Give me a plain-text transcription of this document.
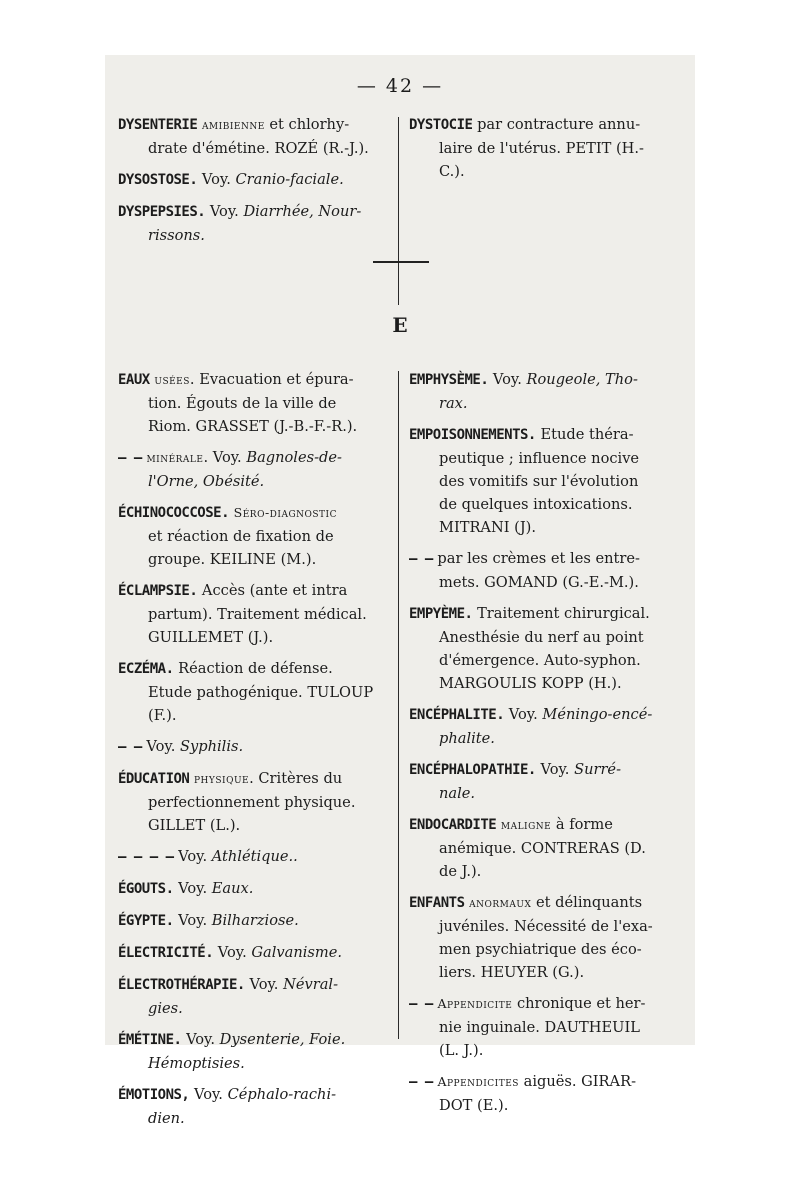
— 42 —
DYSENTERIE amibienne et chlorhy-
drate d'émétine. ROZÉ (R.-J.).
DYSOSTOSE. Voy. Cranio-faciale.
DYSPEPSIES. Voy. Diarrhée, Nour-
rissons.
DYSTOCIE par contracture annu-
laire de l'utérus. PETIT (H.-
C.).
E
EAUX usées. Evacuation et épura-
tion. Égouts de la ville de
Riom. GRASSET (J.-B.-F.-R.).
— — minérale. Voy. Bagnoles-de-
l'Orne, Obésité.
ÉCHINOCOCCOSE. Séro-diagnostic
et réaction de fixation de
groupe. KEILINE (M.).
ÉCLAMPSIE. Accès (ante et intra
partum). Traitement médical.
GUILLEMET (J.).
ECZÉMA. Réaction de défense.
Etude pathogénique. TULOUP
(F.).
— — Voy. Syphilis.
ÉDUCATION physique. Critères du
perfectionnement physique.
GILLET (L.).
— — — — Voy. Athlétique..
ÉGOUTS. Voy. Eaux.
ÉGYPTE. Voy. Bilharziose.
ÉLECTRICITÉ. Voy. Galvanisme.
ÉLECTROTHÉRAPIE. Voy. Névral-
gies.
ÉMÉTINE. Voy. Dysenterie, Foie.
Hémoptisies.
ÉMOTIONS, Voy. Céphalo-rachi-
dien.
EMPHYSÈME. Voy. Rougeole, Tho-
rax.
EMPOISONNEMENTS. Etude théra-
peutique ; influence nocive
des vomitifs sur l'évolution
de quelques intoxications.
MITRANI (J).
— — par les crèmes et les entre-
mets. GOMAND (G.-E.-M.).
EMPYÈME. Traitement chirurgical.
Anesthésie du nerf au point
d'émergence. Auto-syphon.
MARGOULIS KOPP (H.).
ENCÉPHALITE. Voy. Méningo-encé-
phalite.
ENCÉPHALOPATHIE. Voy. Surré-
nale.
ENDOCARDITE maligne à forme
anémique. CONTRERAS (D.
de J.).
ENFANTS anormaux et délinquants
juvéniles. Nécessité de l'exa-
men psychiatrique des éco-
liers. HEUYER (G.).
— — Appendicite chronique et her-
nie inguinale. DAUTHEUIL
(L. J.).
— — Appendicites aiguës. GIRAR-
DOT (E.).
